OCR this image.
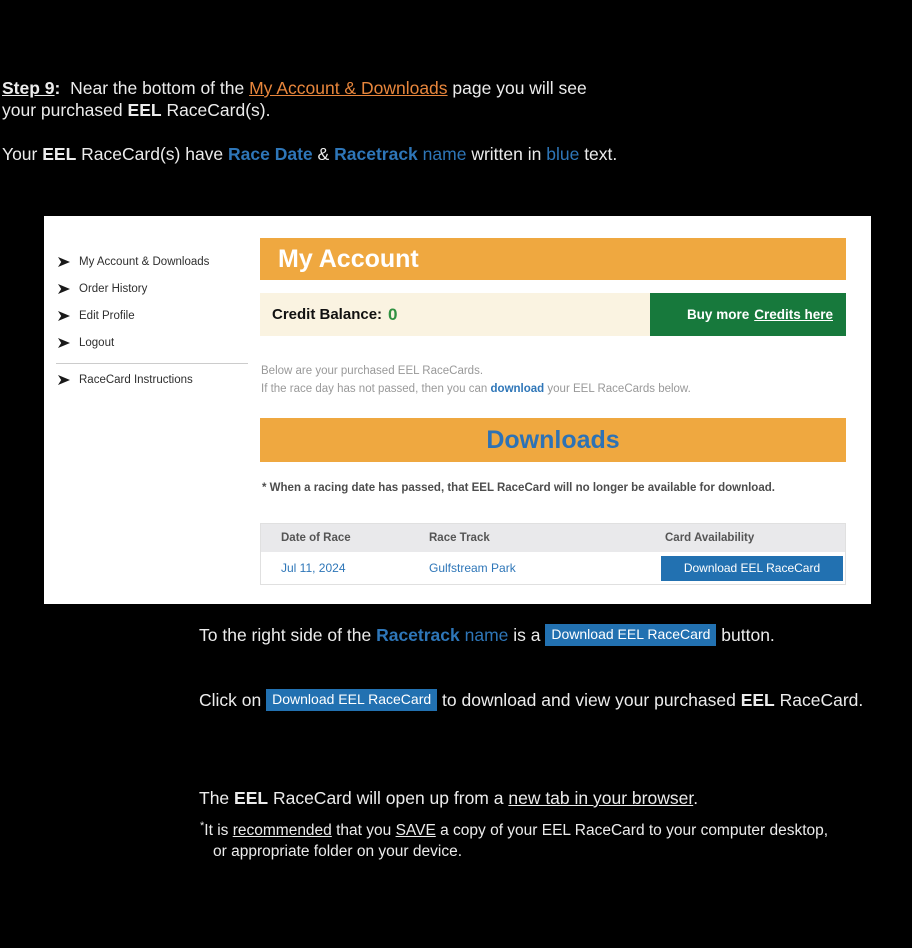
Step 9: Near the bottom of the My Account & Downloads page you will see
your purchased EEL RaceCard(s).
Your EEL RaceCard(s) have Race Date & Racetrack name written in blue text.
My Account & Downloads
Order History
Edit Profile
Logout
RaceCard Instructions
My Account
Credit Balance: 0	Buy more Credits here
Below are your purchased EEL RaceCards.
If the race day has not passed, then you can download your EEL RaceCards below.
Downloads
* When a racing date has passed, that EEL RaceCard will no longer be available for download.
Date of Race	Race Track	Card Availability
Jul 11, 2024	Gulfstream Park	Download EEL RaceCard
To the right side of the Racetrack name is a Download EEL RaceCard button.
Click on Download EEL RaceCard to download and view your purchased EEL RaceCard.
The EEL RaceCard will open up from a new tab in your browser.
*It is recommended that you SAVE a copy of your EEL RaceCard to your computer desktop,
or appropriate folder on your device.
